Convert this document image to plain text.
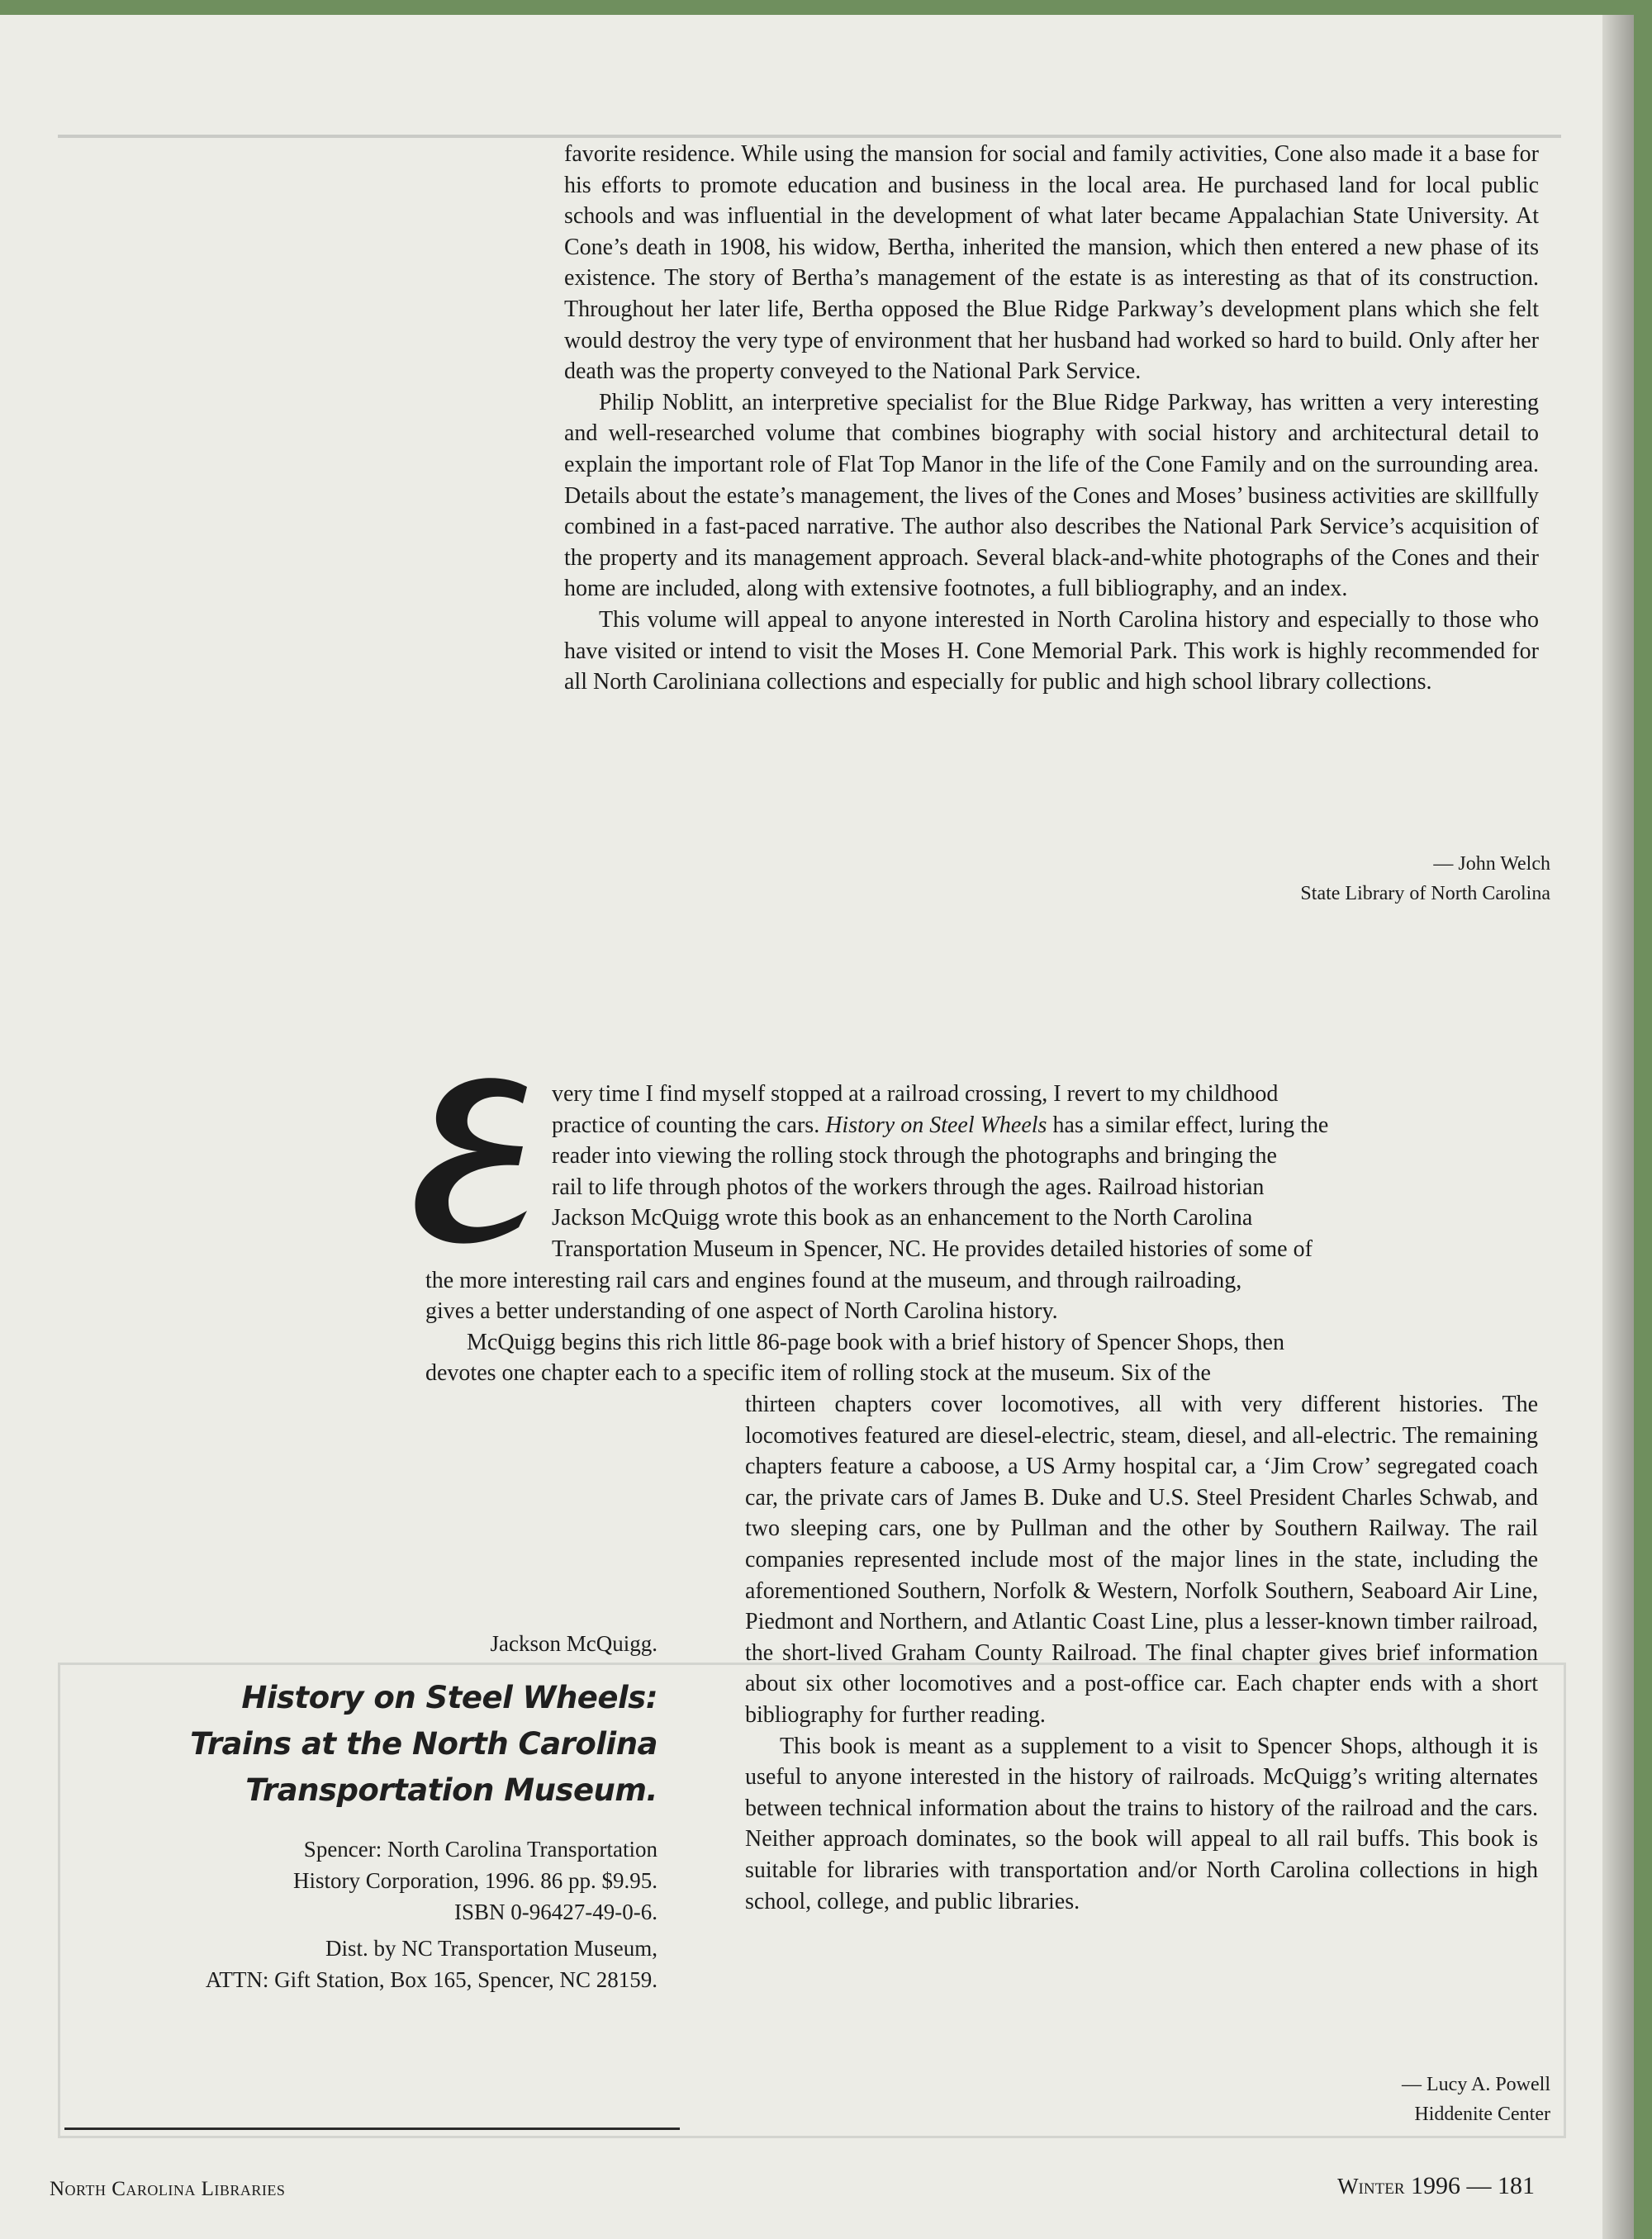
favorite residence. While using the mansion for social and family activities, Cone also made it a base for his efforts to promote education and business in the local area. He purchased land for local public schools and was influential in the development of what later became Appalachian State University. At Cone’s death in 1908, his widow, Bertha, inherited the mansion, which then entered a new phase of its existence. The story of Bertha’s management of the estate is as interesting as that of its construction. Throughout her later life, Bertha opposed the Blue Ridge Parkway’s development plans which she felt would destroy the very type of environment that her husband had worked so hard to build. Only after her death was the property conveyed to the National Park Service.

Philip Noblitt, an interpretive specialist for the Blue Ridge Parkway, has written a very interesting and well-researched volume that combines biography with social history and architectural detail to explain the important role of Flat Top Manor in the life of the Cone Family and on the surrounding area. Details about the estate’s management, the lives of the Cones and Moses’ business activities are skillfully combined in a fast-paced narrative. The author also describes the National Park Service’s acquisition of the property and its management approach. Several black-and-white photographs of the Cones and their home are included, along with extensive footnotes, a full bibliography, and an index.

This volume will appeal to anyone interested in North Carolina history and especially to those who have visited or intend to visit the Moses H. Cone Memorial Park. This work is highly recommended for all North Caroliniana collections and especially for public and high school library collections.

— John Welch
State Library of North Carolina
very time I find myself stopped at a railroad crossing, I revert to my childhood
practice of counting the cars. History on Steel Wheels has a similar effect, luring the
reader into viewing the rolling stock through the photographs and bringing the
rail to life through photos of the workers through the ages. Railroad historian
Jackson McQuigg wrote this book as an enhancement to the North Carolina
Transportation Museum in Spencer, NC. He provides detailed histories of some of
the more interesting rail cars and engines found at the museum, and through railroading,
gives a better understanding of one aspect of North Carolina history.
McQuigg begins this rich little 86-page book with a brief history of Spencer Shops, then
devotes one chapter each to a specific item of rolling stock at the museum. Six of the

thirteen chapters cover locomotives, all with very different histories. The locomotives featured are diesel-electric, steam, diesel, and all-electric. The remaining chapters feature a caboose, a US Army hospital car, a ‘Jim Crow’ segregated coach car, the private cars of James B. Duke and U.S. Steel President Charles Schwab, and two sleeping cars, one by Pullman and the other by Southern Railway. The rail companies represented include most of the major lines in the state, including the aforementioned Southern, Norfolk & Western, Norfolk Southern, Seaboard Air Line, Piedmont and Northern, and Atlantic Coast Line, plus a lesser-known timber railroad, the short-lived Graham County Railroad. The final chapter gives brief information about six other locomotives and a post-office car. Each chapter ends with a short bibliography for further reading.

This book is meant as a supplement to a visit to Spencer Shops, although it is useful to anyone interested in the history of railroads. McQuigg’s writing alternates between technical information about the trains to history of the railroad and the cars. Neither approach dominates, so the book will appeal to all rail buffs. This book is suitable for libraries with transportation and/or North Carolina collections in high school, college, and public libraries.

— Lucy A. Powell
Hiddenite Center
Jackson McQuigg.
History on Steel Wheels:
Trains at the North Carolina
Transportation Museum.
Spencer: North Carolina Transportation
History Corporation, 1996. 86 pp. $9.95.
ISBN 0-96427-49-0-6.
Dist. by NC Transportation Museum,
ATTN: Gift Station, Box 165, Spencer, NC 28159.
North Carolina Libraries	Winter 1996 — 181
